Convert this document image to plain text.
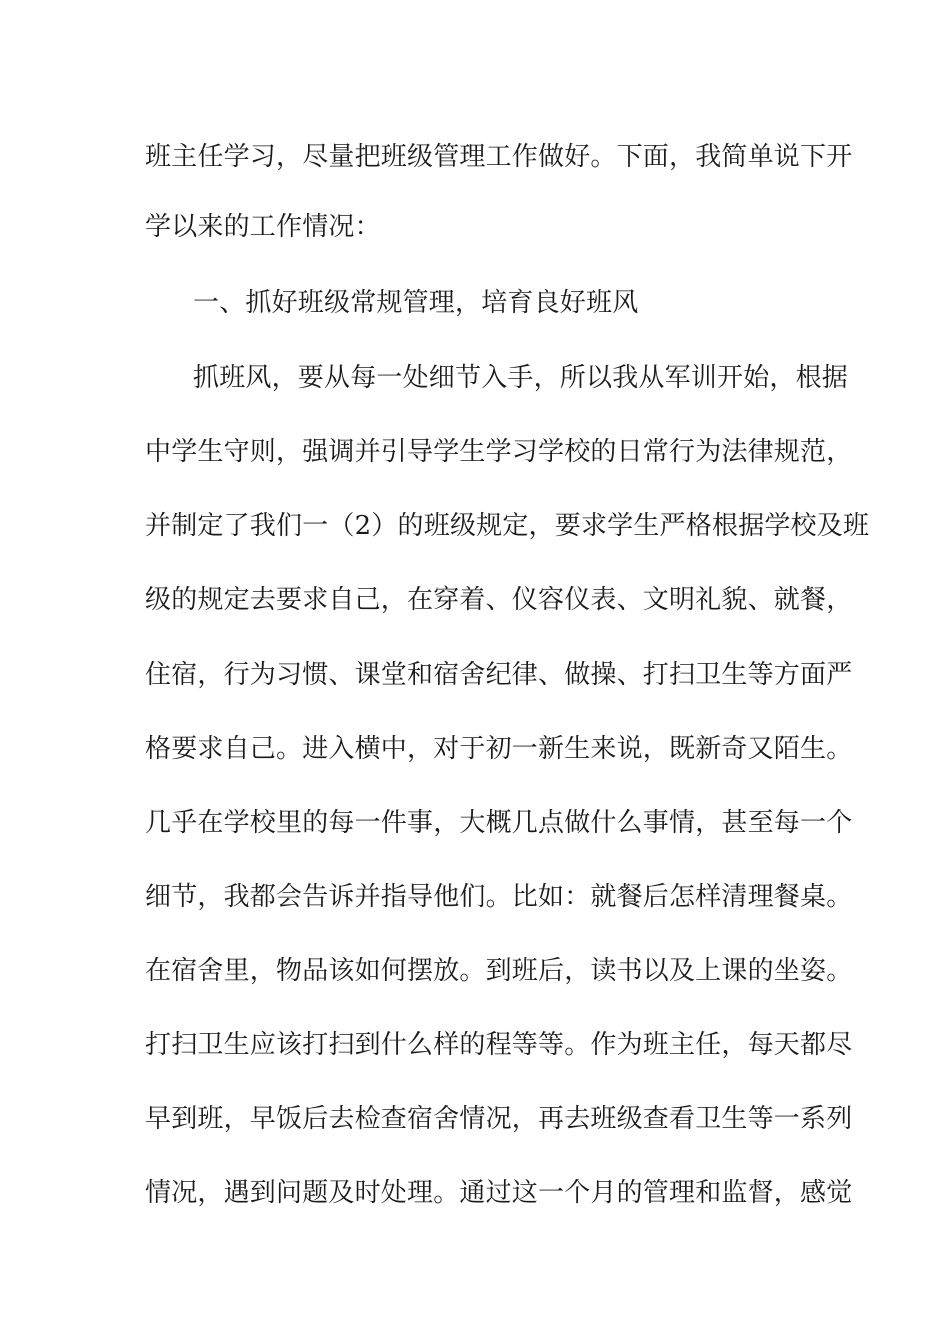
班主任学习，尽量把班级管理工作做好。下面，我简单说下开
学以来的工作情况：
一、抓好班级常规管理，培育良好班风
抓班风，要从每一处细节入手，所以我从军训开始，根据
中学生守则，强调并引导学生学习学校的日常行为法律规范，
并制定了我们一（2）的班级规定，要求学生严格根据学校及班
级的规定去要求自己，在穿着、仪容仪表、文明礼貌、就餐，
住宿，行为习惯、课堂和宿舍纪律、做操、打扫卫生等方面严
格要求自己。进入横中，对于初一新生来说，既新奇又陌生。
几乎在学校里的每一件事，大概几点做什么事情，甚至每一个
细节，我都会告诉并指导他们。比如：就餐后怎样清理餐桌。
在宿舍里，物品该如何摆放。到班后，读书以及上课的坐姿。
打扫卫生应该打扫到什么样的程等等。作为班主任，每天都尽
早到班，早饭后去检查宿舍情况，再去班级查看卫生等一系列
情况，遇到问题及时处理。通过这一个月的管理和监督，感觉
